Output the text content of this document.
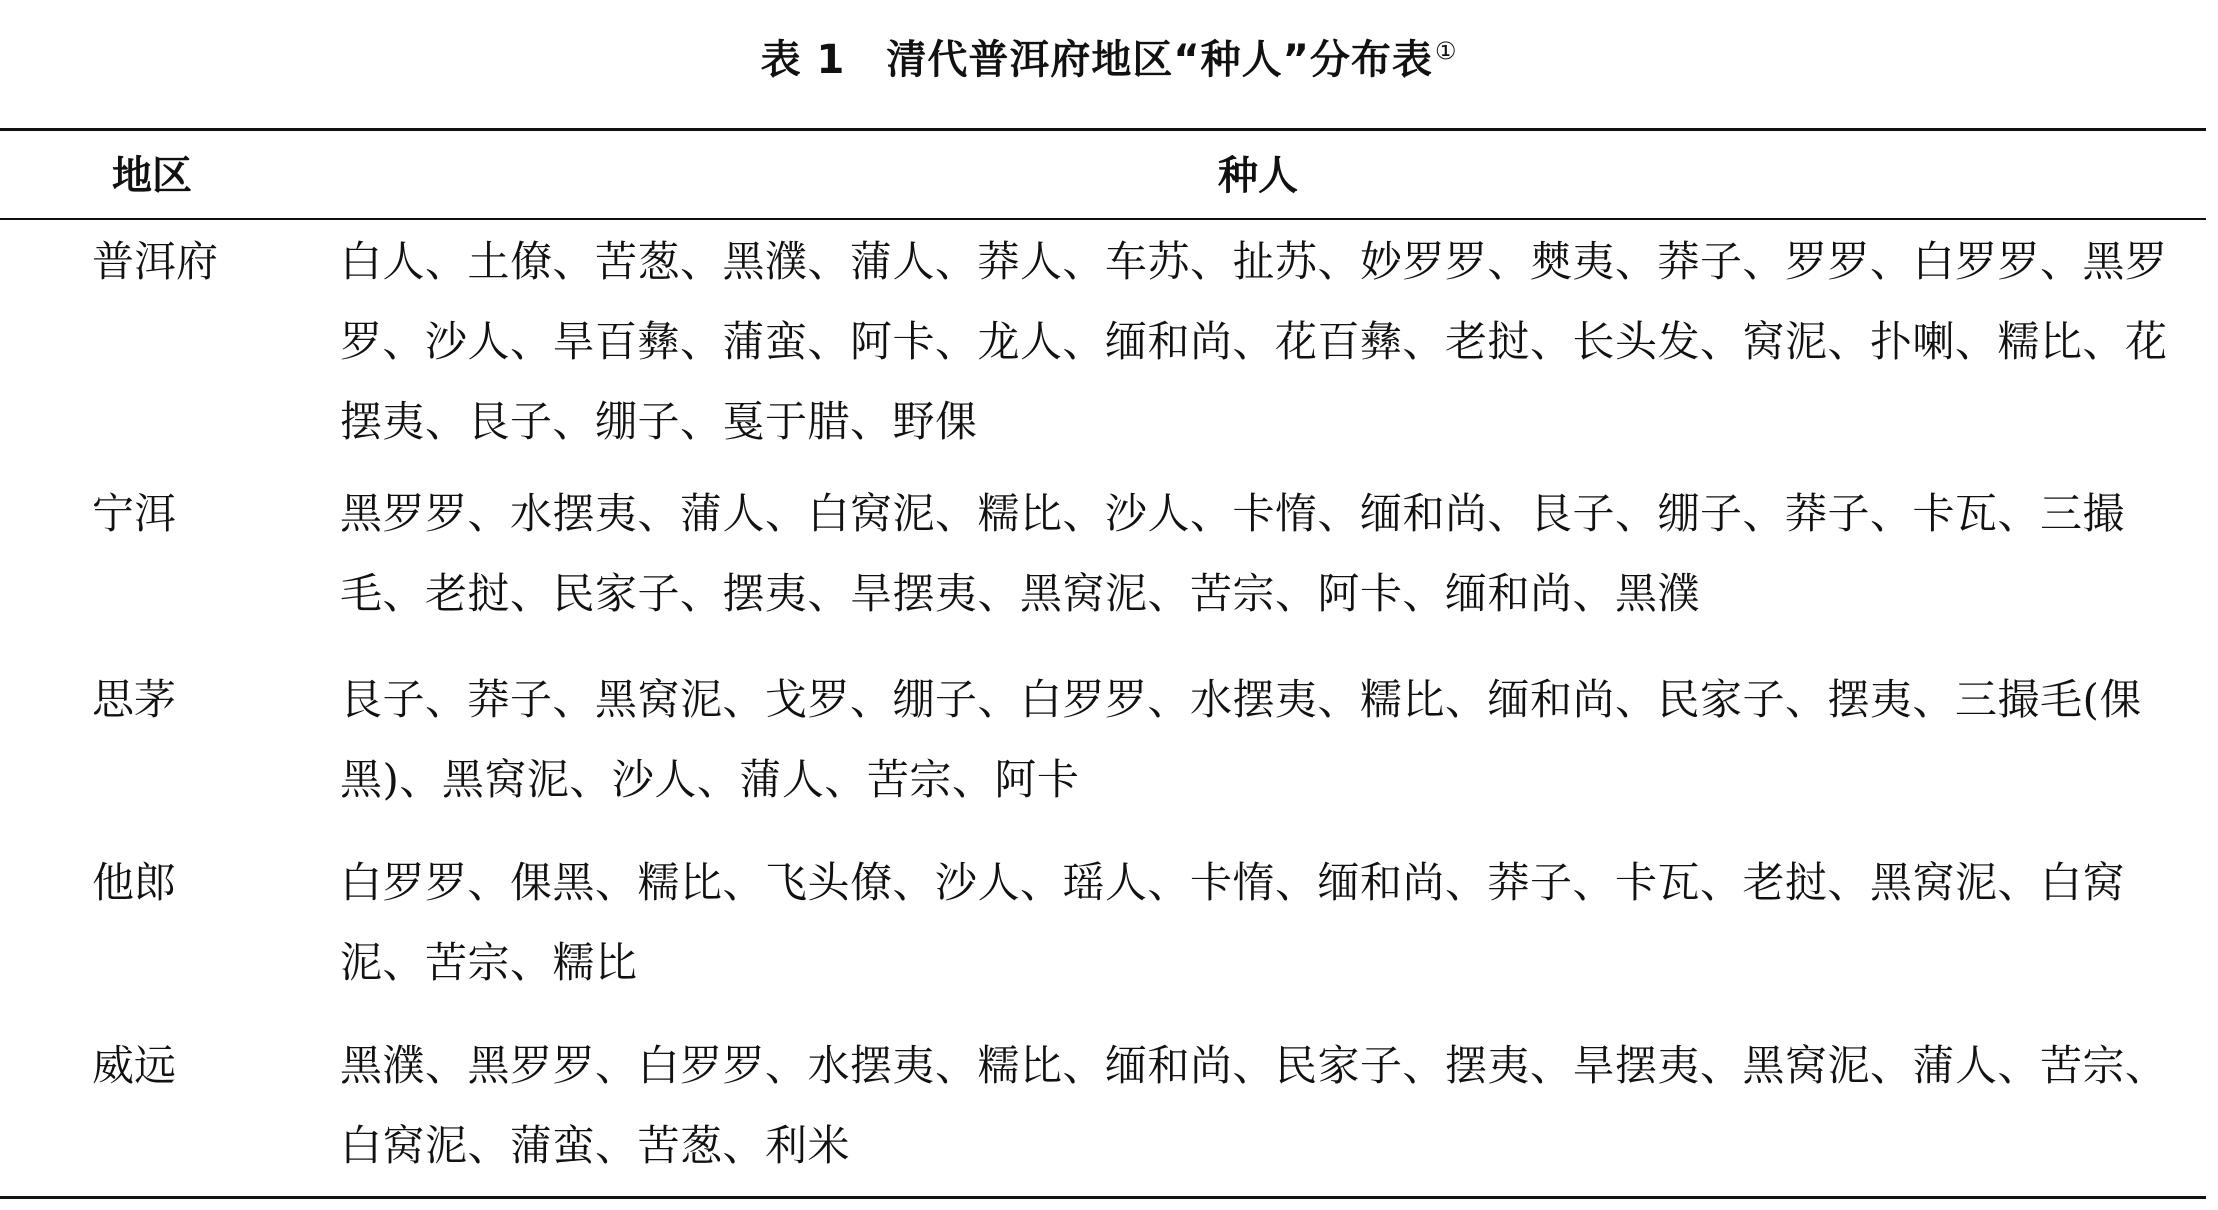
表 1　清代普洱府地区“种人”分布表①
地区	种人
普洱府	白人、土僚、苦葱、黑濮、蒲人、莽人、车苏、扯苏、妙罗罗、僰夷、莽子、罗罗、白罗罗、黑罗罗、沙人、旱百彝、蒲蛮、阿卡、龙人、缅和尚、花百彝、老挝、长头发、窝泥、扑喇、糯比、花摆夷、艮子、绷子、戛于腊、野倮
宁洱	黑罗罗、水摆夷、蒲人、白窝泥、糯比、沙人、卡惰、缅和尚、艮子、绷子、莽子、卡瓦、三撮毛、老挝、民家子、摆夷、旱摆夷、黑窝泥、苦宗、阿卡、缅和尚、黑濮
思茅	艮子、莽子、黑窝泥、戈罗、绷子、白罗罗、水摆夷、糯比、缅和尚、民家子、摆夷、三撮毛(倮黑)、黑窝泥、沙人、蒲人、苦宗、阿卡
他郎	白罗罗、倮黑、糯比、飞头僚、沙人、瑶人、卡惰、缅和尚、莽子、卡瓦、老挝、黑窝泥、白窝泥、苦宗、糯比
威远	黑濮、黑罗罗、白罗罗、水摆夷、糯比、缅和尚、民家子、摆夷、旱摆夷、黑窝泥、蒲人、苦宗、白窝泥、蒲蛮、苦葱、利米
